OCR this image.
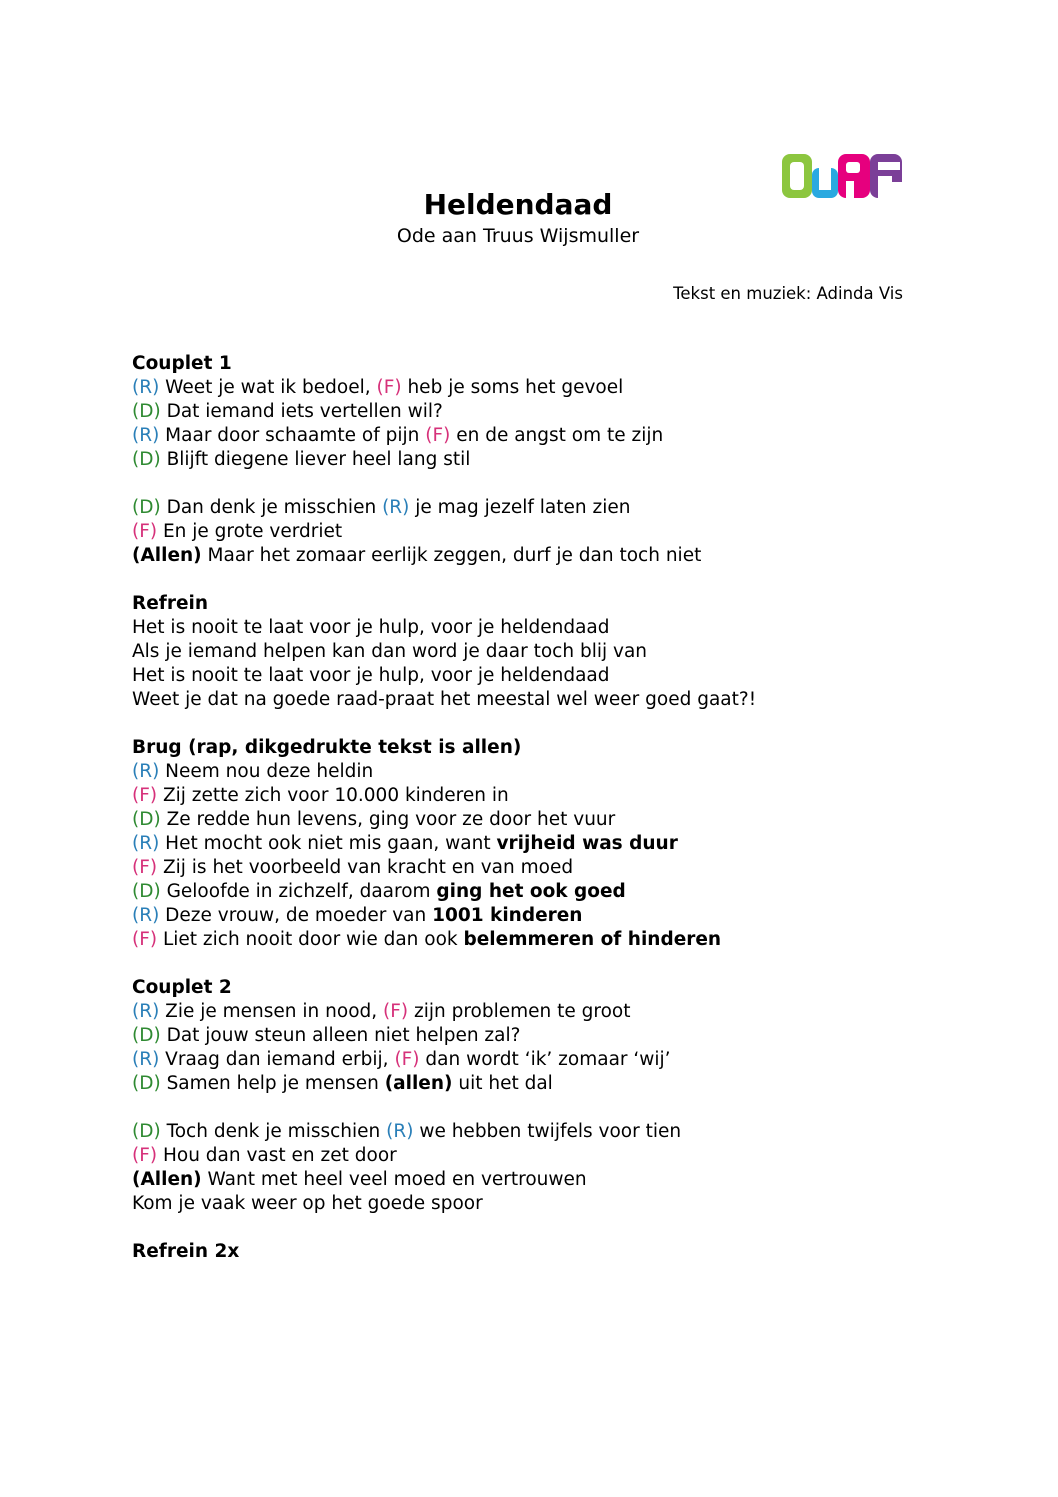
Heldendaad
Ode aan Truus Wijsmuller
Tekst en muziek: Adinda Vis
Couplet 1
(R) Weet je wat ik bedoel, (F) heb je soms het gevoel
(D) Dat iemand iets vertellen wil?
(R) Maar door schaamte of pijn (F) en de angst om te zijn
(D) Blijft diegene liever heel lang stil
(D) Dan denk je misschien (R) je mag jezelf laten zien
(F) En je grote verdriet
(Allen) Maar het zomaar eerlijk zeggen, durf je dan toch niet
Refrein
Het is nooit te laat voor je hulp, voor je heldendaad
Als je iemand helpen kan dan word je daar toch blij van
Het is nooit te laat voor je hulp, voor je heldendaad
Weet je dat na goede raad-praat het meestal wel weer goed gaat?!
Brug (rap, dikgedrukte tekst is allen)
(R) Neem nou deze heldin
(F) Zij zette zich voor 10.000 kinderen in
(D) Ze redde hun levens, ging voor ze door het vuur
(R) Het mocht ook niet mis gaan, want vrijheid was duur
(F) Zij is het voorbeeld van kracht en van moed
(D) Geloofde in zichzelf, daarom ging het ook goed
(R) Deze vrouw, de moeder van 1001 kinderen
(F) Liet zich nooit door wie dan ook belemmeren of hinderen
Couplet 2
(R) Zie je mensen in nood, (F) zijn problemen te groot
(D) Dat jouw steun alleen niet helpen zal?
(R) Vraag dan iemand erbij, (F) dan wordt ‘ik’ zomaar ‘wij’
(D) Samen help je mensen (allen) uit het dal
(D) Toch denk je misschien (R) we hebben twijfels voor tien
(F) Hou dan vast en zet door
(Allen) Want met heel veel moed en vertrouwen
Kom je vaak weer op het goede spoor
Refrein 2x
